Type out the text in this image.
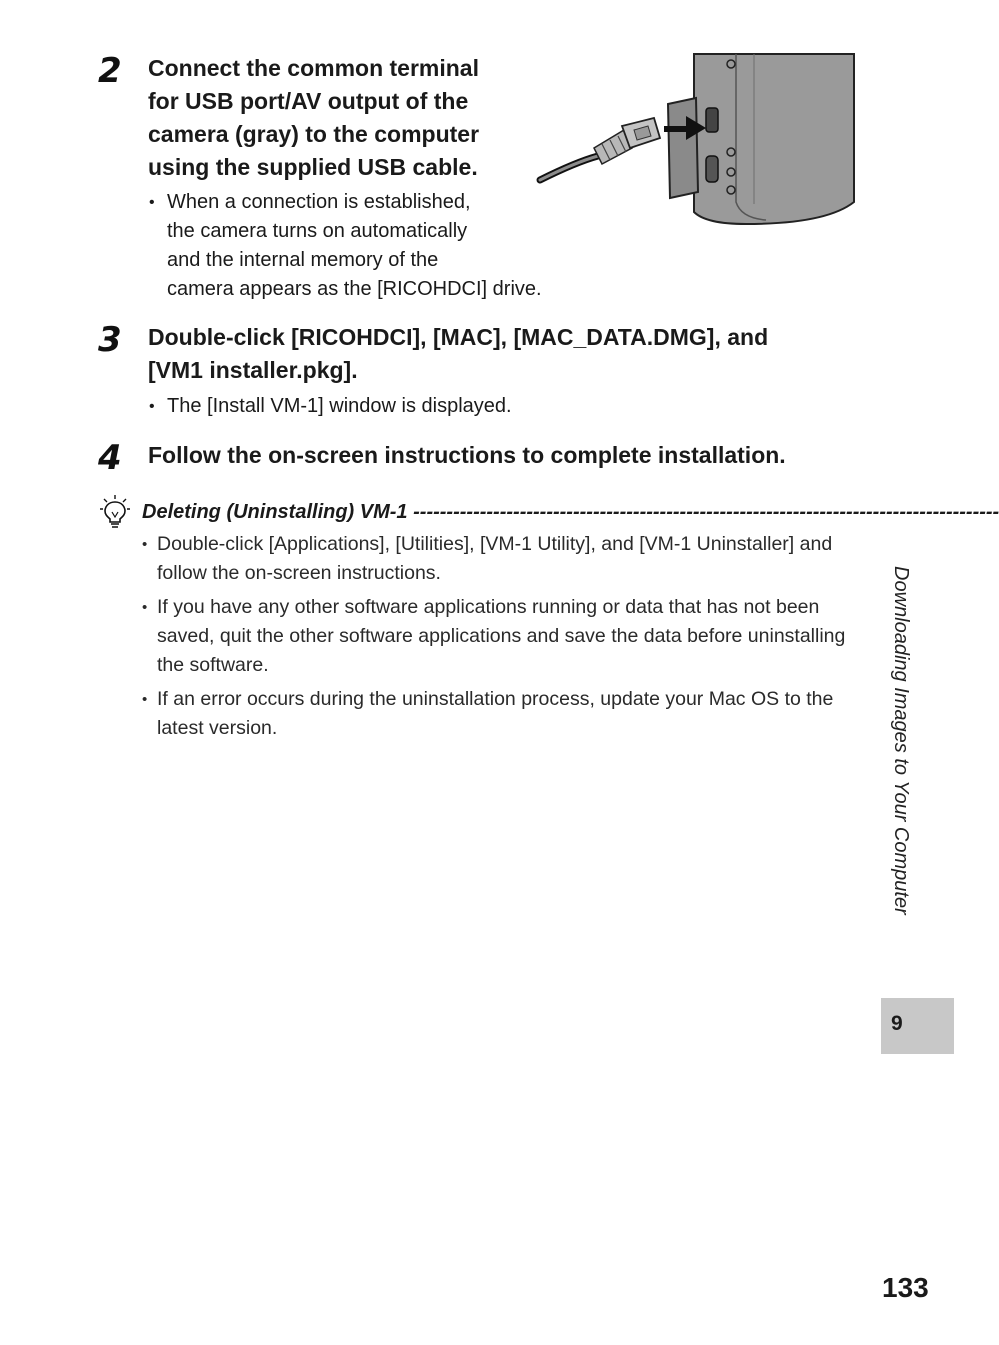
2 Connect the common terminal
for USB port/AV output of the
camera (gray) to the computer
using the supplied USB cable.
• When a connection is established,
the camera turns on automatically
and the internal memory of the
camera appears as the [RICOHDCI] drive.
3 Double-click [RICOHDCI], [MAC], [MAC_DATA.DMG], and
[VM1 installer.pkg].
• The [Install VM-1] window is displayed.
4 Follow the on-screen instructions to complete installation.
Deleting (Uninstalling) VM-1 ----------------------------------------------------------------------------------------
• Double-click [Applications], [Utilities], [VM-1 Utility], and [VM-1 Uninstaller] and
follow the on-screen instructions.
• If you have any other software applications running or data that has not been
saved, quit the other software applications and save the data before uninstalling
the software.
• If an error occurs during the uninstallation process, update your Mac OS to the
latest version.	Downloading Images to Your Computer
9
133
